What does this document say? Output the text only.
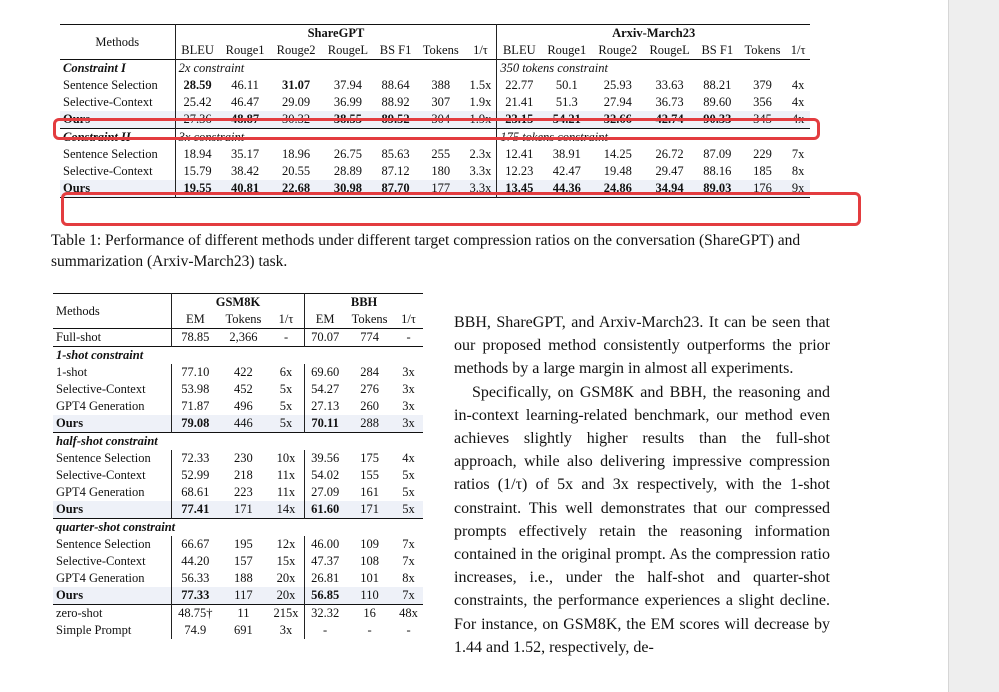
Methods	ShareGPT							Arxiv-March23						
	BLEU	Rouge1	Rouge2	RougeL	BS F1	Tokens	1/τ	BLEU	Rouge1	Rouge2	RougeL	BS F1	Tokens	1/τ
Constraint I	2x constraint							350 tokens constraint						
Sentence Selection	28.59	46.11	31.07	37.94	88.64	388	1.5x	22.77	50.1	25.93	33.63	88.21	379	4x
Selective-Context	25.42	46.47	29.09	36.99	88.92	307	1.9x	21.41	51.3	27.94	36.73	89.60	356	4x
Ours	27.36	48.87	30.32	38.55	89.52	304	1.9x	23.15	54.21	32.66	42.74	90.33	345	4x
Constraint II	3x constraint							175 tokens constraint						
Sentence Selection	18.94	35.17	18.96	26.75	85.63	255	2.3x	12.41	38.91	14.25	26.72	87.09	229	7x
Selective-Context	15.79	38.42	20.55	28.89	87.12	180	3.3x	12.23	42.47	19.48	29.47	88.16	185	8x
Ours	19.55	40.81	22.68	30.98	87.70	177	3.3x	13.45	44.36	24.86	34.94	89.03	176	9x
Table 1: Performance of different methods under different target compression ratios on the conversation (ShareGPT) and summarization (Arxiv-March23) task.
Methods	GSM8K			BBH		
	EM	Tokens	1/τ	EM	Tokens	1/τ
Full-shot	78.85	2,366	-	70.07	774	-
1-shot constraint						
1-shot	77.10	422	6x	69.60	284	3x
Selective-Context	53.98	452	5x	54.27	276	3x
GPT4 Generation	71.87	496	5x	27.13	260	3x
Ours	79.08	446	5x	70.11	288	3x
half-shot constraint						
Sentence Selection	72.33	230	10x	39.56	175	4x
Selective-Context	52.99	218	11x	54.02	155	5x
GPT4 Generation	68.61	223	11x	27.09	161	5x
Ours	77.41	171	14x	61.60	171	5x
quarter-shot constraint						
Sentence Selection	66.67	195	12x	46.00	109	7x
Selective-Context	44.20	157	15x	47.37	108	7x
GPT4 Generation	56.33	188	20x	26.81	101	8x
Ours	77.33	117	20x	56.85	110	7x
zero-shot	48.75†	11	215x	32.32	16	48x
Simple Prompt	74.9	691	3x	-	-	-

BBH, ShareGPT, and Arxiv-March23. It can be seen that our proposed method consistently outperforms the prior methods by a large margin in almost all experiments.

Specifically, on GSM8K and BBH, the reasoning and in-context learning-related benchmark, our method even achieves slightly higher results than the full-shot approach, while also delivering impressive compression ratios (1/τ) of 5x and 3x respectively, with the 1-shot constraint. This well demonstrates that our compressed prompts effectively retain the reasoning information contained in the original prompt. As the compression ratio increases, i.e., under the half-shot and quarter-shot constraints, the performance experiences a slight decline. For instance, on GSM8K, the EM scores will decrease by 1.44 and 1.52, respectively, de-
